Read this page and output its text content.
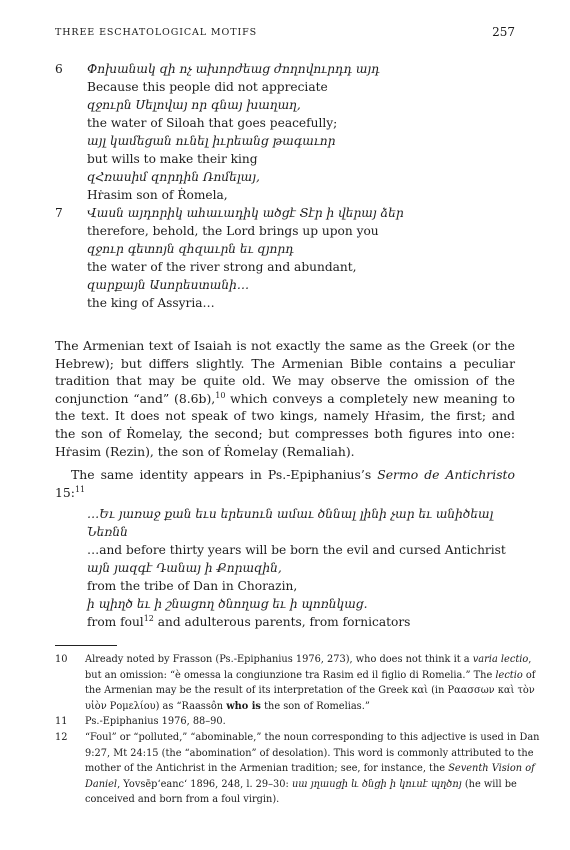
THREE ESCHATOLOGICAL MOTIFS	257
6 Փոխանակ զի ոչ ախորժեաց ժողովուրդդ այդ
Because this people did not appreciate
զջուրն Սելովայ որ գնայ խաղաղ,
the water of Siloah that goes peacefully;
այլ կամեցան ունել իւրեանց թագաւոր
but wills to make their king
զՀռասիմ զորդին Ռոմելայ,
Hṙasim son of Ṙomela,
7 Վասն այդորիկ ահաւադիկ ածցէ Տէր ի վերայ ձեր
therefore, behold, the Lord brings up upon you
զջուր գետոյն զհզաւրն եւ զյորդ
the water of the river strong and abundant,
զարքայն Ասորեստանի…
the king of Assyria…

The Armenian text of Isaiah is not exactly the same as the Greek (or the Hebrew); but differs slightly. The Armenian Bible contains a peculiar tradition that may be quite old. We may observe the omission of the conjunction “and” (8.6b),$^{10}$ which conveys a completely new meaning to the text. It does not speak of two kings, namely Hṙasim, the first; and the son of Ṙomelay, the second; but compresses both figures into one: Hṙasim (Rezin), the son of Ṙomelay (Remaliah).

The same identity appears in Ps.-Epiphanius’s Sermo de Antichristo 15:$^{11}$

…Եւ յառաջ քան եւս երեսուն ամաւ ծննալ լինի չար եւ անիծեալ
Նեռնն
…and before thirty years will be born the evil and cursed Antichrist
այն յազգէ Դանայ ի Քորազին,
from the tribe of Dan in Chorazin,
ի պիղծ եւ ի շնացող ծնողաց եւ ի պոռնկաց.
from foul$^{12}$ and adulterous parents, from fornicators
10 Already noted by Frasson (Ps.-Epiphanius 1976, 273), who does not think it a varia lectio,
but an omission: “è omessa la congiunzione tra Rasim ed il figlio di Romelia.” The lectio of
the Armenian may be the result of its interpretation of the Greek καὶ (in Ραασσων καὶ τὸν
υἱὸν Ρομελίου) as “Raassôn who is the son of Romelias.”
11 Ps.-Epiphanius 1976, 88–90.
12 “Foul” or “polluted,” “abominable,” the noun corresponding to this adjective is used in Dan
9:27, Mt 24:15 (the “abomination” of desolation). This word is commonly attributed to the
mother of the Antichrist in the Armenian tradition; see, for instance, the Seventh Vision of
Daniel, Yovsēp‘eanc‘ 1896, 248, l. 29–30: սա յղասցի և ծնցի ի կուսէ պղծոյ (he will be
conceived and born from a foul virgin).
